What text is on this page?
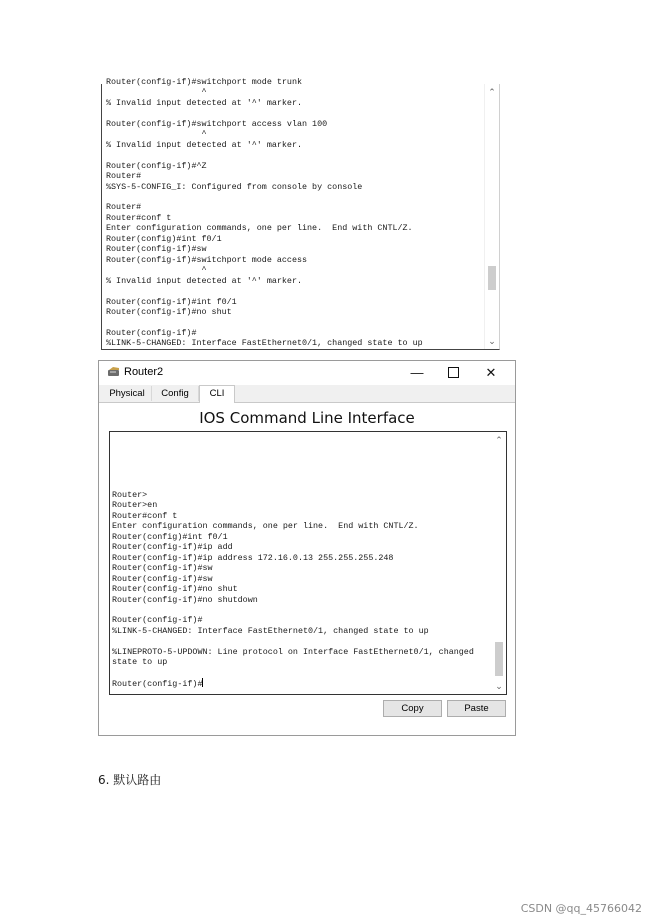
Router(config-if)#switchport mode trunk
^
% Invalid input detected at '^' marker.

Router(config-if)#switchport access vlan 100
^
% Invalid input detected at '^' marker.

Router(config-if)#^Z
Router#
%SYS-5-CONFIG_I: Configured from console by console

Router#
Router#conf t
Enter configuration commands, one per line.  End with CNTL/Z.
Router(config)#int f0/1
Router(config-if)#sw
Router(config-if)#switchport mode access
^
% Invalid input detected at '^' marker.

Router(config-if)#int f0/1
Router(config-if)#no shut

Router(config-if)#
%LINK-5-CHANGED: Interface FastEthernet0/1, changed state to up
⌃
⌄
Router2	—	✕
Physical	Config	CLI
IOS Command Line Interface
Router>
Router>en
Router#conf t
Enter configuration commands, one per line.  End with CNTL/Z.
Router(config)#int f0/1
Router(config-if)#ip add
Router(config-if)#ip address 172.16.0.13 255.255.255.248
Router(config-if)#sw
Router(config-if)#sw
Router(config-if)#no shut
Router(config-if)#no shutdown

Router(config-if)#
%LINK-5-CHANGED: Interface FastEthernet0/1, changed state to up

%LINEPROTO-5-UPDOWN: Line protocol on Interface FastEthernet0/1, changed
state to up

Router(config-if)#
⌃
⌄
Copy	Paste
6. 默认路由
CSDN @qq_45766042
